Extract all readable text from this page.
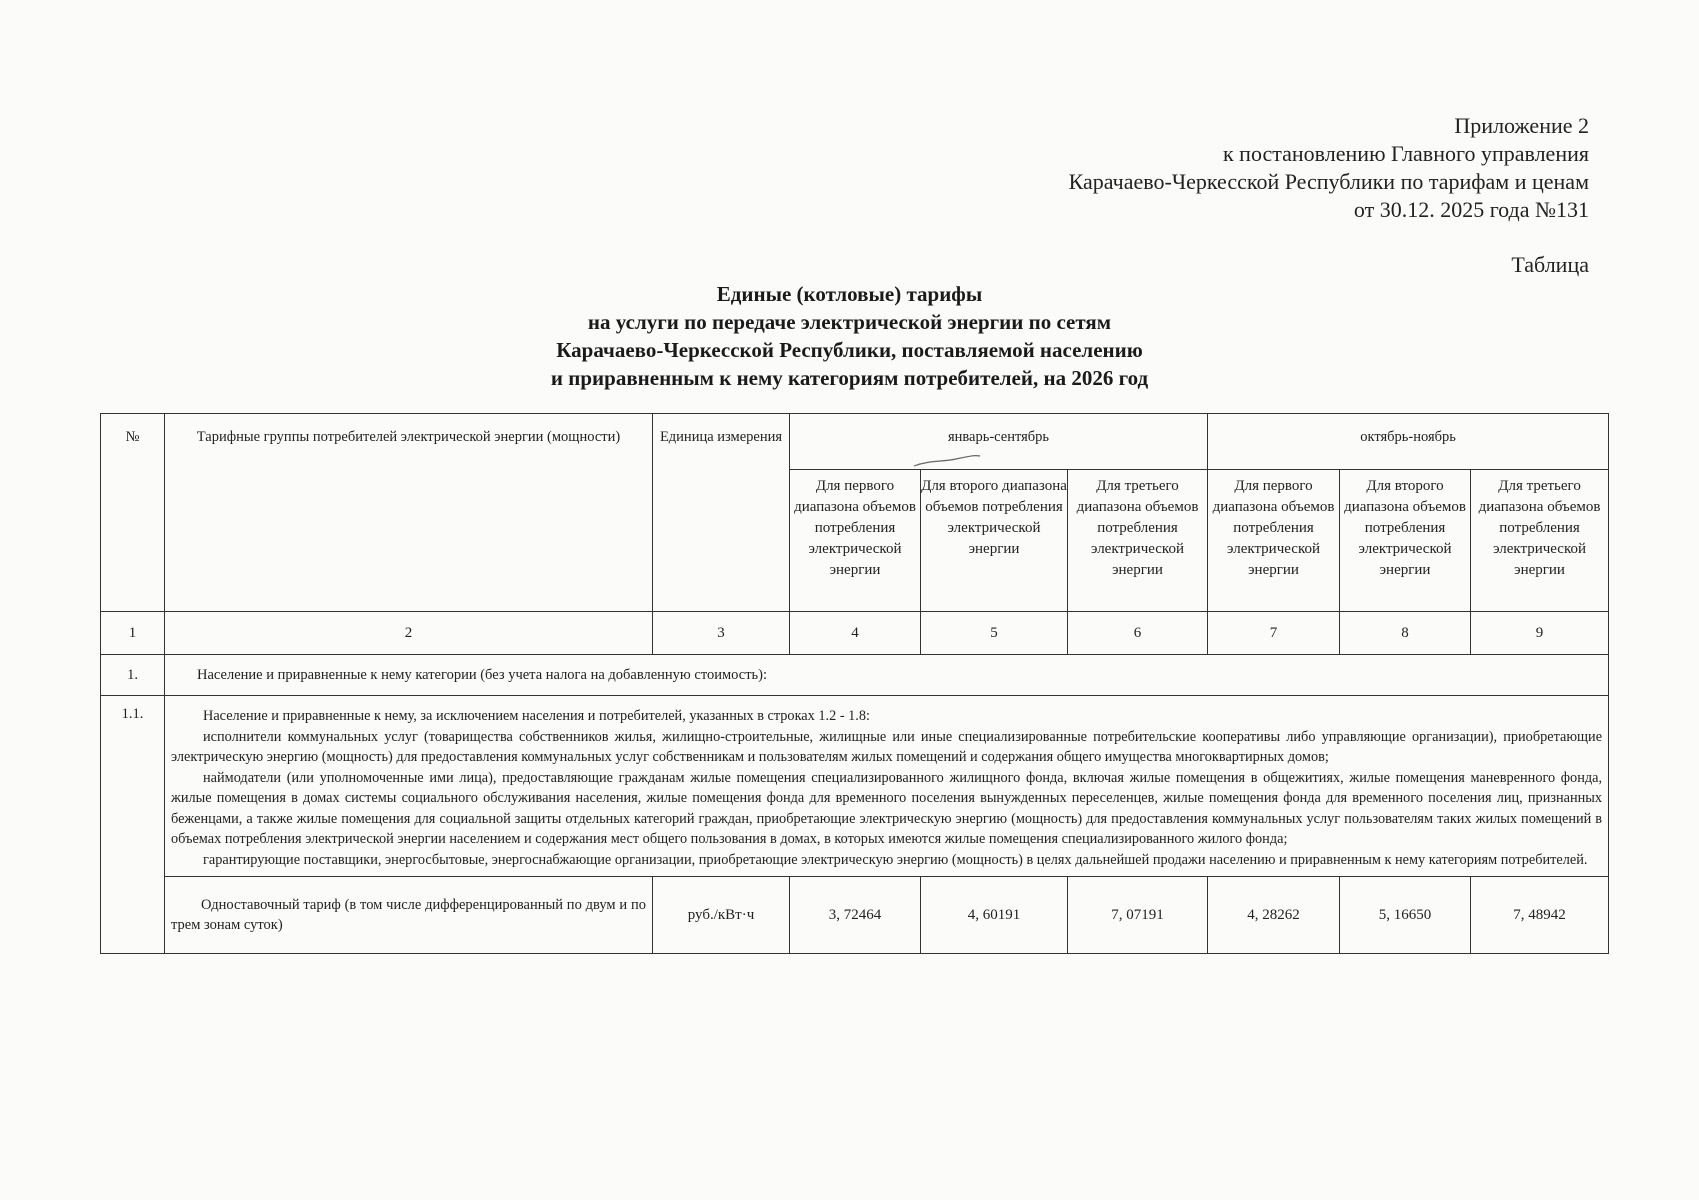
Приложение 2
к постановлению Главного управления
Карачаево-Черкесской Республики по тарифам и ценам
от 30.12. 2025 года №131
Таблица
Единые (котловые) тарифы
на услуги по передаче электрической энергии по сетям
Карачаево-Черкесской Республики, поставляемой населению
и приравненным к нему категориям потребителей, на 2026 год
№	Тарифные группы потребителей электрической энергии (мощности)	Единица измерения	январь-сентябрь			октябрь-ноябрь		
			Для первого диапазона объемов потребления электрической энергии	Для второго диапазона объемов потребления электрической энергии	Для третьего диапазона объемов потребления электрической энергии	Для первого диапазона объемов потребления электрической энергии	Для второго диапазона объемов потребления электрической энергии	Для третьего диапазона объемов потребления электрической энергии
1	2	3	4	5	6	7	8	9
1.	Население и приравненные к нему категории (без учета налога на добавленную стоимость):							
1.1.	Население и приравненные к нему, за исключением населения и потребителей, указанных в строках 1.2 - 1.8:

исполнители коммунальных услуг (товарищества собственников жилья, жилищно-строительные, жилищные или иные специализированные потребительские кооперативы либо управляющие организации), приобретающие электрическую энергию (мощность) для предоставления коммунальных услуг собственникам и пользователям жилых помещений и содержания общего имущества многоквартирных домов;

наймодатели (или уполномоченные ими лица), предоставляющие гражданам жилые помещения специализированного жилищного фонда, включая жилые помещения в общежитиях, жилые помещения маневренного фонда, жилые помещения в домах системы социального обслуживания населения, жилые помещения фонда для временного поселения вынужденных переселенцев, жилые помещения фонда для временного поселения лиц, признанных беженцами, а также жилые помещения для социальной защиты отдельных категорий граждан, приобретающие электрическую энергию (мощность) для предоставления коммунальных услуг пользователям таких жилых помещений в объемах потребления электрической энергии населением и содержания мест общего пользования в домах, в которых имеются жилые помещения специализированного жилого фонда;

гарантирующие поставщики, энергосбытовые, энергоснабжающие организации, приобретающие электрическую энергию (мощность) в целях дальнейшей продажи населению и приравненным к нему категориям потребителей.							

	Одноставочный тариф (в том числе дифференцированный по двум и по трем зонам суток)	руб./кВт·ч	3, 72464	4, 60191	7, 07191	4, 28262	5, 16650	7, 48942
